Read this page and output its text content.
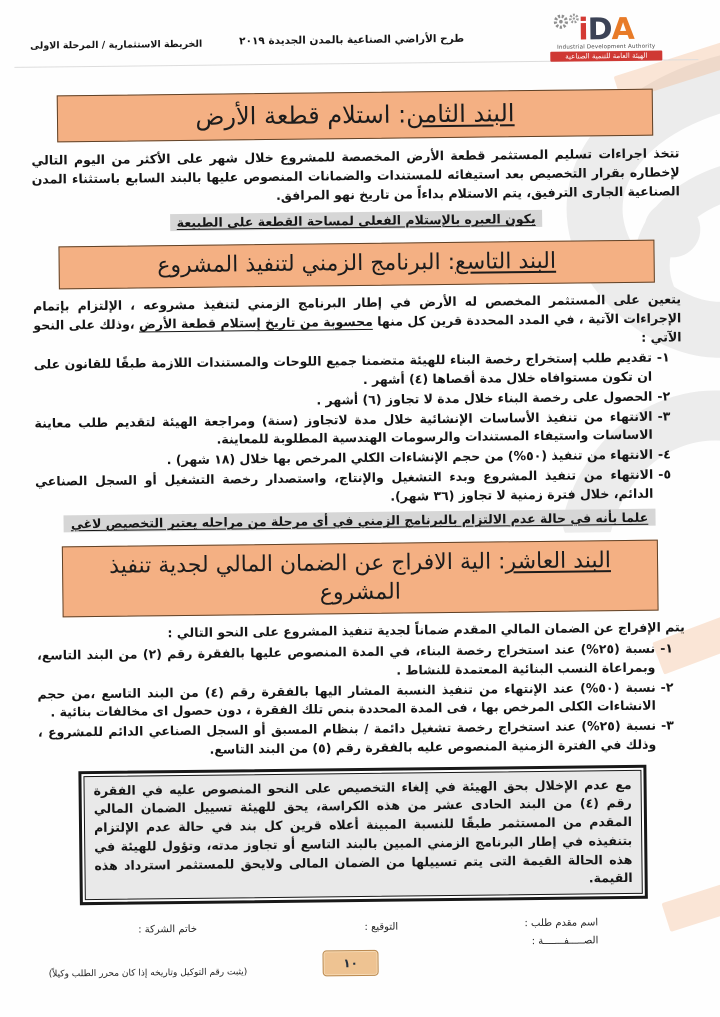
الخريطة الاستثمارية / المرحلة الاولى	طرح الأراضي الصناعية بالمدن الجديدة ٢٠١٩	iDA
Industrial Development Authority
الهيئة العامة للتنمية الصناعية
البند الثامن: استلام قطعة الأرض

تتخذ اجراءات تسليم المستثمر قطعة الأرض المخصصة للمشروع خلال شهر على الأكثر من اليوم التالي لإخطاره بقرار التخصيص بعد استيفائه للمستندات والضمانات المنصوص عليها بالبند السابع باستثناء المدن الصناعية الجارى الترفيق، يتم الاستلام بداءاً من تاريخ نهو المرافق.

يكون العبره بالإستلام الفعلى لمساحة القطعة على الطبيعة
البند التاسع: البرنامج الزمني لتنفيذ المشروع

يتعين على المستثمر المخصص له الأرض في إطار البرنامج الزمني لتنفيذ مشروعه ، الإلتزام بإتمام الإجراءات الآتية ، في المدد المحددة قرين كل منها محسوبة من تاريخ إستلام قطعة الأرض ،وذلك على النحو الآتي :

١-
تقديم طلب إستخراج رخصة البناء للهيئة متضمنا جميع اللوحات والمستندات اللازمة طبقًا للقانون على ان تكون مستوافاه خلال مدة أقصاها (٤) أشهر .
٢-
الحصول على رخصة البناء خلال مدة لا تجاوز (٦) أشهر .
٣-
الانتهاء من تنفيذ الأساسات الإنشائية خلال مدة لاتجاوز (سنة) ومراجعة الهيئة لتقديم طلب معاينة الاساسات واستيفاء المستندات والرسومات الهندسية المطلوبة للمعاينة.
٤-
الانتهاء من تنفيذ (٥٠%) من حجم الإنشاءات الكلي المرخص بها خلال (١٨ شهر) .
٥-
الانتهاء من تنفيذ المشروع وبدء التشغيل والإنتاج، واستصدار رخصة التشغيل أو السجل الصناعي الدائم، خلال فترة زمنية لا تجاوز (٣٦ شهر).
علما بأنه في حالة عدم الالتزام بالبرنامج الزمني في أى مرحلة من مراحله يعتبر التخصيص لاغي
البند العاشر: الية الافراج عن الضمان المالي لجدية تنفيذ المشروع

يتم الإفراج عن الضمان المالي المقدم ضماناً لجدية تنفيذ المشروع على النحو التالي :

١-
نسبة (٢٥%) عند استخراج رخصة البناء، في المدة المنصوص عليها بالفقرة رقم (٢) من البند التاسع، وبمراعاة النسب البنائية المعتمدة للنشاط .
٢-
نسبة (٥٠%) عند الإنتهاء من تنفيذ النسبة المشار اليها بالفقرة رقم (٤) من البند التاسع ،من حجم الانشاءات الكلى المرخص بها ، فى المدة المحددة بنص تلك الفقرة ، دون حصول اى مخالفات بنائية .
٣-
نسبة (٢٥%) عند استخراج رخصة تشغيل دائمة / بنظام المسبق أو السجل الصناعي الدائم للمشروع ، وذلك في الفترة الزمنية المنصوص عليه بالفقرة رقم (٥) من البند التاسع.
مع عدم الإخلال بحق الهيئة في إلغاء التخصيص على النحو المنصوص عليه في الفقرة رقم (٤) من البند الحادى عشر من هذه الكراسة، يحق للهيئة تسييل الضمان المالي المقدم من المستثمر طبقًا للنسبة المبينة أعلاه قرين كل بند في حالة عدم الإلتزام بتنفيذه في إطار البرنامج الزمني المبين بالبند التاسع أو تجاوز مدته، وتؤول للهيئة في هذه الحالة القيمة التى يتم تسييلها من الضمان المالى ولايحق للمستثمر استرداد هذه القيمة.
اسم مقدم طلب :
الصـــــفـــــــة :
التوقيع :
خاتم الشركة :
١٠
(يثبت رقم التوكيل وتاريخه إذا كان محرر الطلب وكيلاً)
